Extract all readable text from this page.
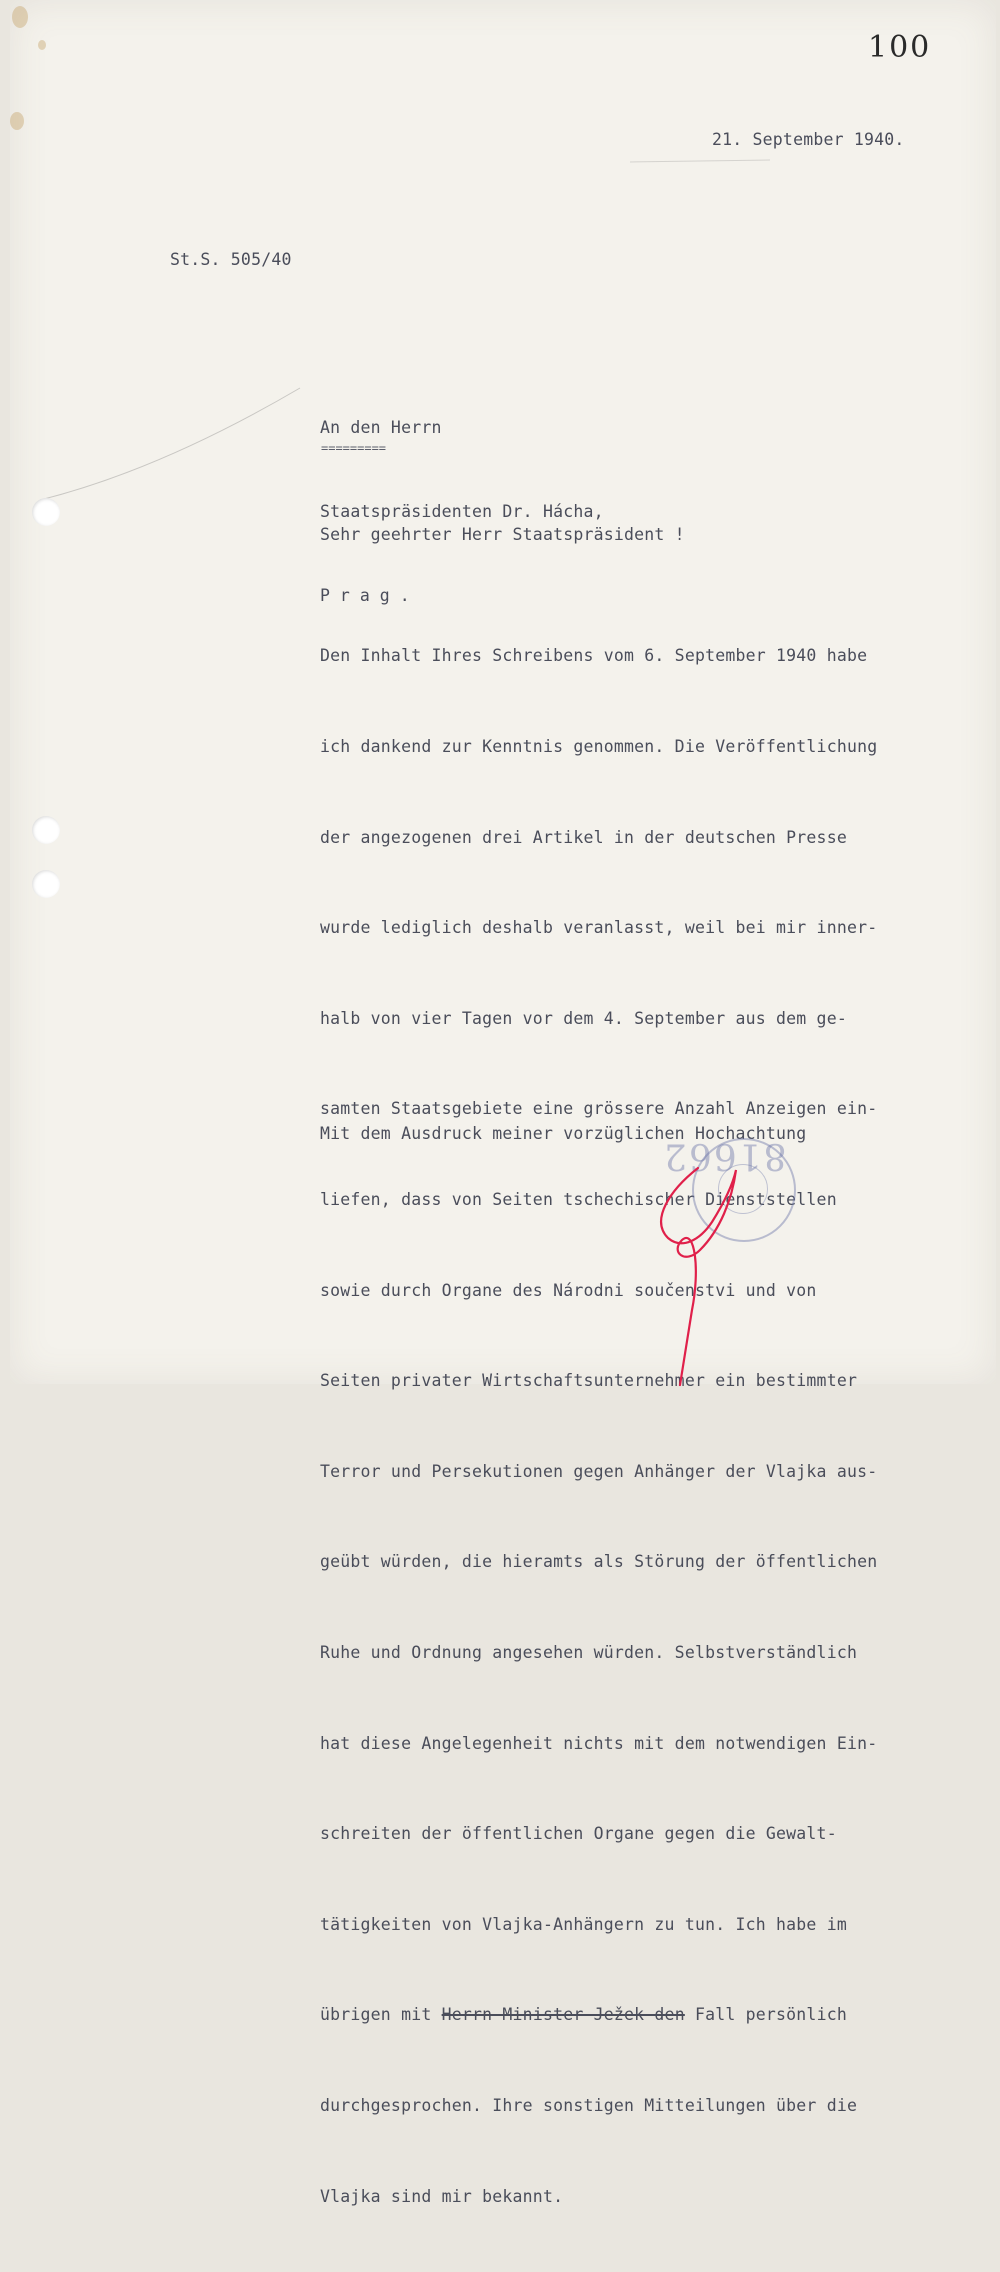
100
21. September 1940.
St.S. 505/40

An den Herrn

Staatspräsidenten Dr. Hácha,

Prag.

=========
Sehr geehrter Herr Staatspräsident !

Den Inhalt Ihres Schreibens vom 6. September 1940 habe

ich dankend zur Kenntnis genommen. Die Veröffentlichung

der angezogenen drei Artikel in der deutschen Presse

wurde lediglich deshalb veranlasst, weil bei mir inner-

halb von vier Tagen vor dem 4. September aus dem ge-

samten Staatsgebiete eine grössere Anzahl Anzeigen ein-

liefen, dass von Seiten tschechischer Dienststellen

sowie durch Organe des Národni součenstvi und von

Seiten privater Wirtschaftsunternehmer ein bestimmter

Terror und Persekutionen gegen Anhänger der Vlajka aus-

geübt würden, die hieramts als Störung der öffentlichen

Ruhe und Ordnung angesehen würden. Selbstverständlich

hat diese Angelegenheit nichts mit dem notwendigen Ein-

schreiten der öffentlichen Organe gegen die Gewalt-

tätigkeiten von Vlajka-Anhängern zu tun. Ich habe im

übrigen mit Herrn Minister Ježek den Fall persönlich

durchgesprochen. Ihre sonstigen Mitteilungen über die

Vlajka sind mir bekannt.

Mit dem Ausdruck meiner vorzüglichen Hochachtung
81662
